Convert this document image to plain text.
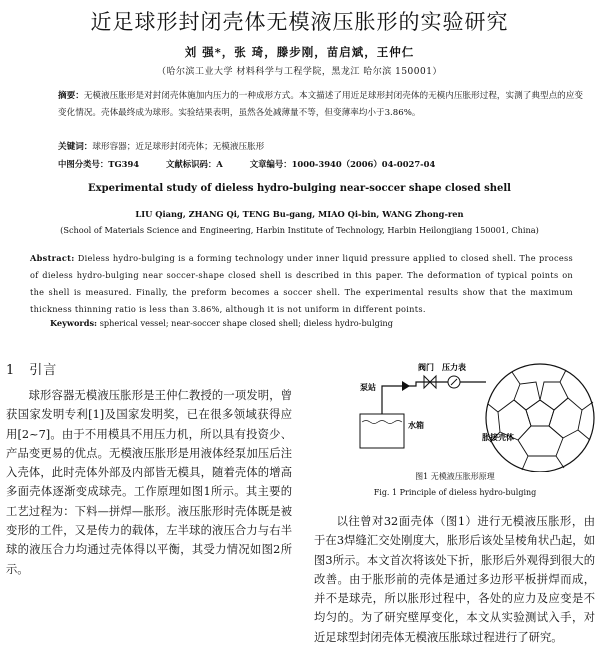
近足球形封闭壳体无模液压胀形的实验研究
刘 强*，张 琦，滕步刚，苗启斌，王仲仁
（哈尔滨工业大学 材料科学与工程学院，黑龙江 哈尔滨 150001）
摘要：无模液压胀形是对封闭壳体施加内压力的一种成形方式。本文描述了用近足球形封闭壳体的无模内压胀形过程，实测了典型点的应变变化情况。壳体最终成为球形。实验结果表明，虽然各处减薄量不等，但变薄率均小于3.86%。
关键词：球形容器；近足球形封闭壳体；无模液压胀形
中图分类号：TG394	文献标识码：A	文章编号：1000-3940（2006）04-0027-04
Experimental study of dieless hydro-bulging near-soccer shape closed shell
LIU Qiang, ZHANG Qi, TENG Bu-gang, MIAO Qi-bin, WANG Zhong-ren
(School of Materials Science and Engineering, Harbin Institute of Technology, Harbin Heilongjiang 150001, China)
Abstract: Dieless hydro-bulging is a forming technology under inner liquid pressure applied to closed shell. The process of dieless hydro-bulging near soccer-shape closed shell is described in this paper. The deformation of typical points on the shell is measured. Finally, the preform becomes a soccer shell. The experimental results show that the maximum thickness thinning ratio is less than 3.86%, although it is not uniform in different points.
Keywords: spherical vessel; near-soccer shape closed shell; dieless hydro-bulging
1 引言

球形容器无模液压胀形是王仲仁教授的一项发明，曾获国家发明专利[1]及国家发明奖，已在很多领域获得应用[2~7]。由于不用模具不用压力机，所以具有投资少、产品变更易的优点。无模液压胀形是用液体经泵加压后注入壳体，此时壳体外部及内部皆无模具，随着壳体的增高多面壳体逐渐变成球壳。工作原理如图1所示。其主要的工艺过程为：下料—拼焊—胀形。液压胀形时壳体既是被变形的工件，又是传力的载体，左半球的液压合力与右半球的液压合力均通过壳体得以平衡，其受力情况如图2所示。

泵站
阀门 压力表
水箱
胀接壳体
图1 无模液压胀形原理
Fig. 1 Principle of dieless hydro-bulging

以往曾对32面壳体（图1）进行无模液压胀形，由于在3焊缝汇交处刚度大，胀形后该处呈棱角状凸起，如图3所示。本文首次将该处下折，胀形后外观得到很大的改善。由于胀形前的壳体是通过多边形平板拼焊而成，并不是球壳，所以胀形过程中，各处的应力及应变是不均匀的。为了研究壁厚变化，本文从实验测试入手，对近足球型封闭壳体无模液压胀球过程进行了研究。
